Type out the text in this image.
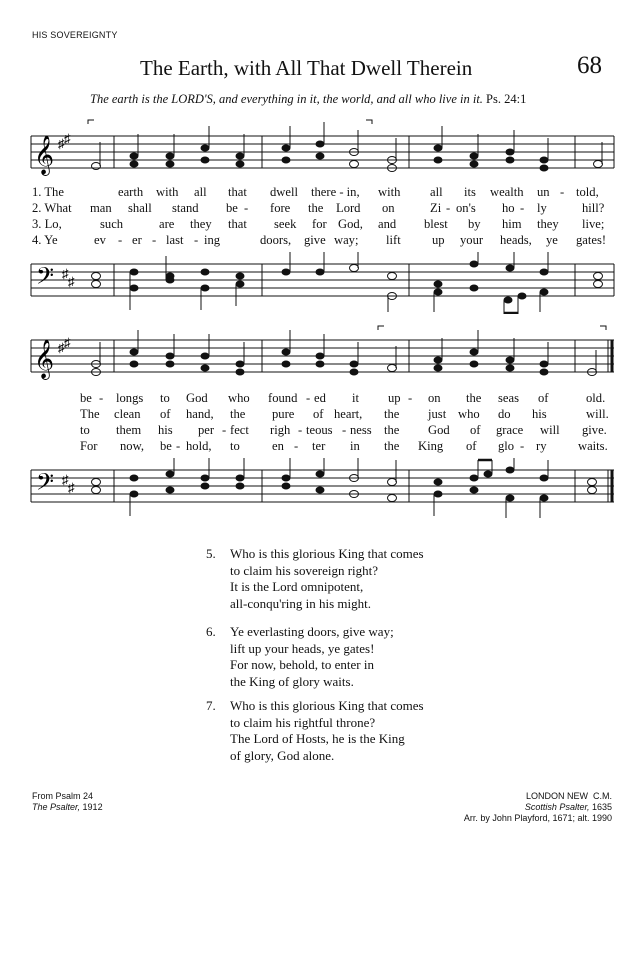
HIS SOVEREIGNTY
The Earth, with All That Dwell Therein	68
The earth is the LORD'S, and everything in it, the world, and all who live in it. Ps. 24:1
𝄞 ♯ ♯
1. The	earth with all that dwell there - in, with all its wealth un - told,
2. What man shall stand be - fore the Lord on	Zi - on's ho - ly	hill?
3. Lo,	such	are they that seek for God, and blest by him they live;
4. Ye	ev - er - last - ing	doors, give way; lift up your heads, ye gates!
𝄢 ♯
♯
𝄞 ♯ ♯
be - longs to God who found - ed it up - on the seas of	old.
The clean of hand, the pure of heart, the just who do his	will.
to them his per - fect righ - teous - ness the God of grace will give.
For now, be - hold, to	en - ter in the King of glo - ry	waits.
𝄢 ♯
♯
5. Who is this glorious King that comes
to claim his sovereign right?
It is the Lord omnipotent,
all-conqu'ring in his might.
6. Ye everlasting doors, give way;
lift up your heads, ye gates!
For now, behold, to enter in
the King of glory waits.
7. Who is this glorious King that comes
to claim his rightful throne?
The Lord of Hosts, he is the King
of glory, God alone.
From Psalm 24
The Psalter, 1912
LONDON NEW  C.M.
Scottish Psalter, 1635
Arr. by John Playford, 1671; alt. 1990
